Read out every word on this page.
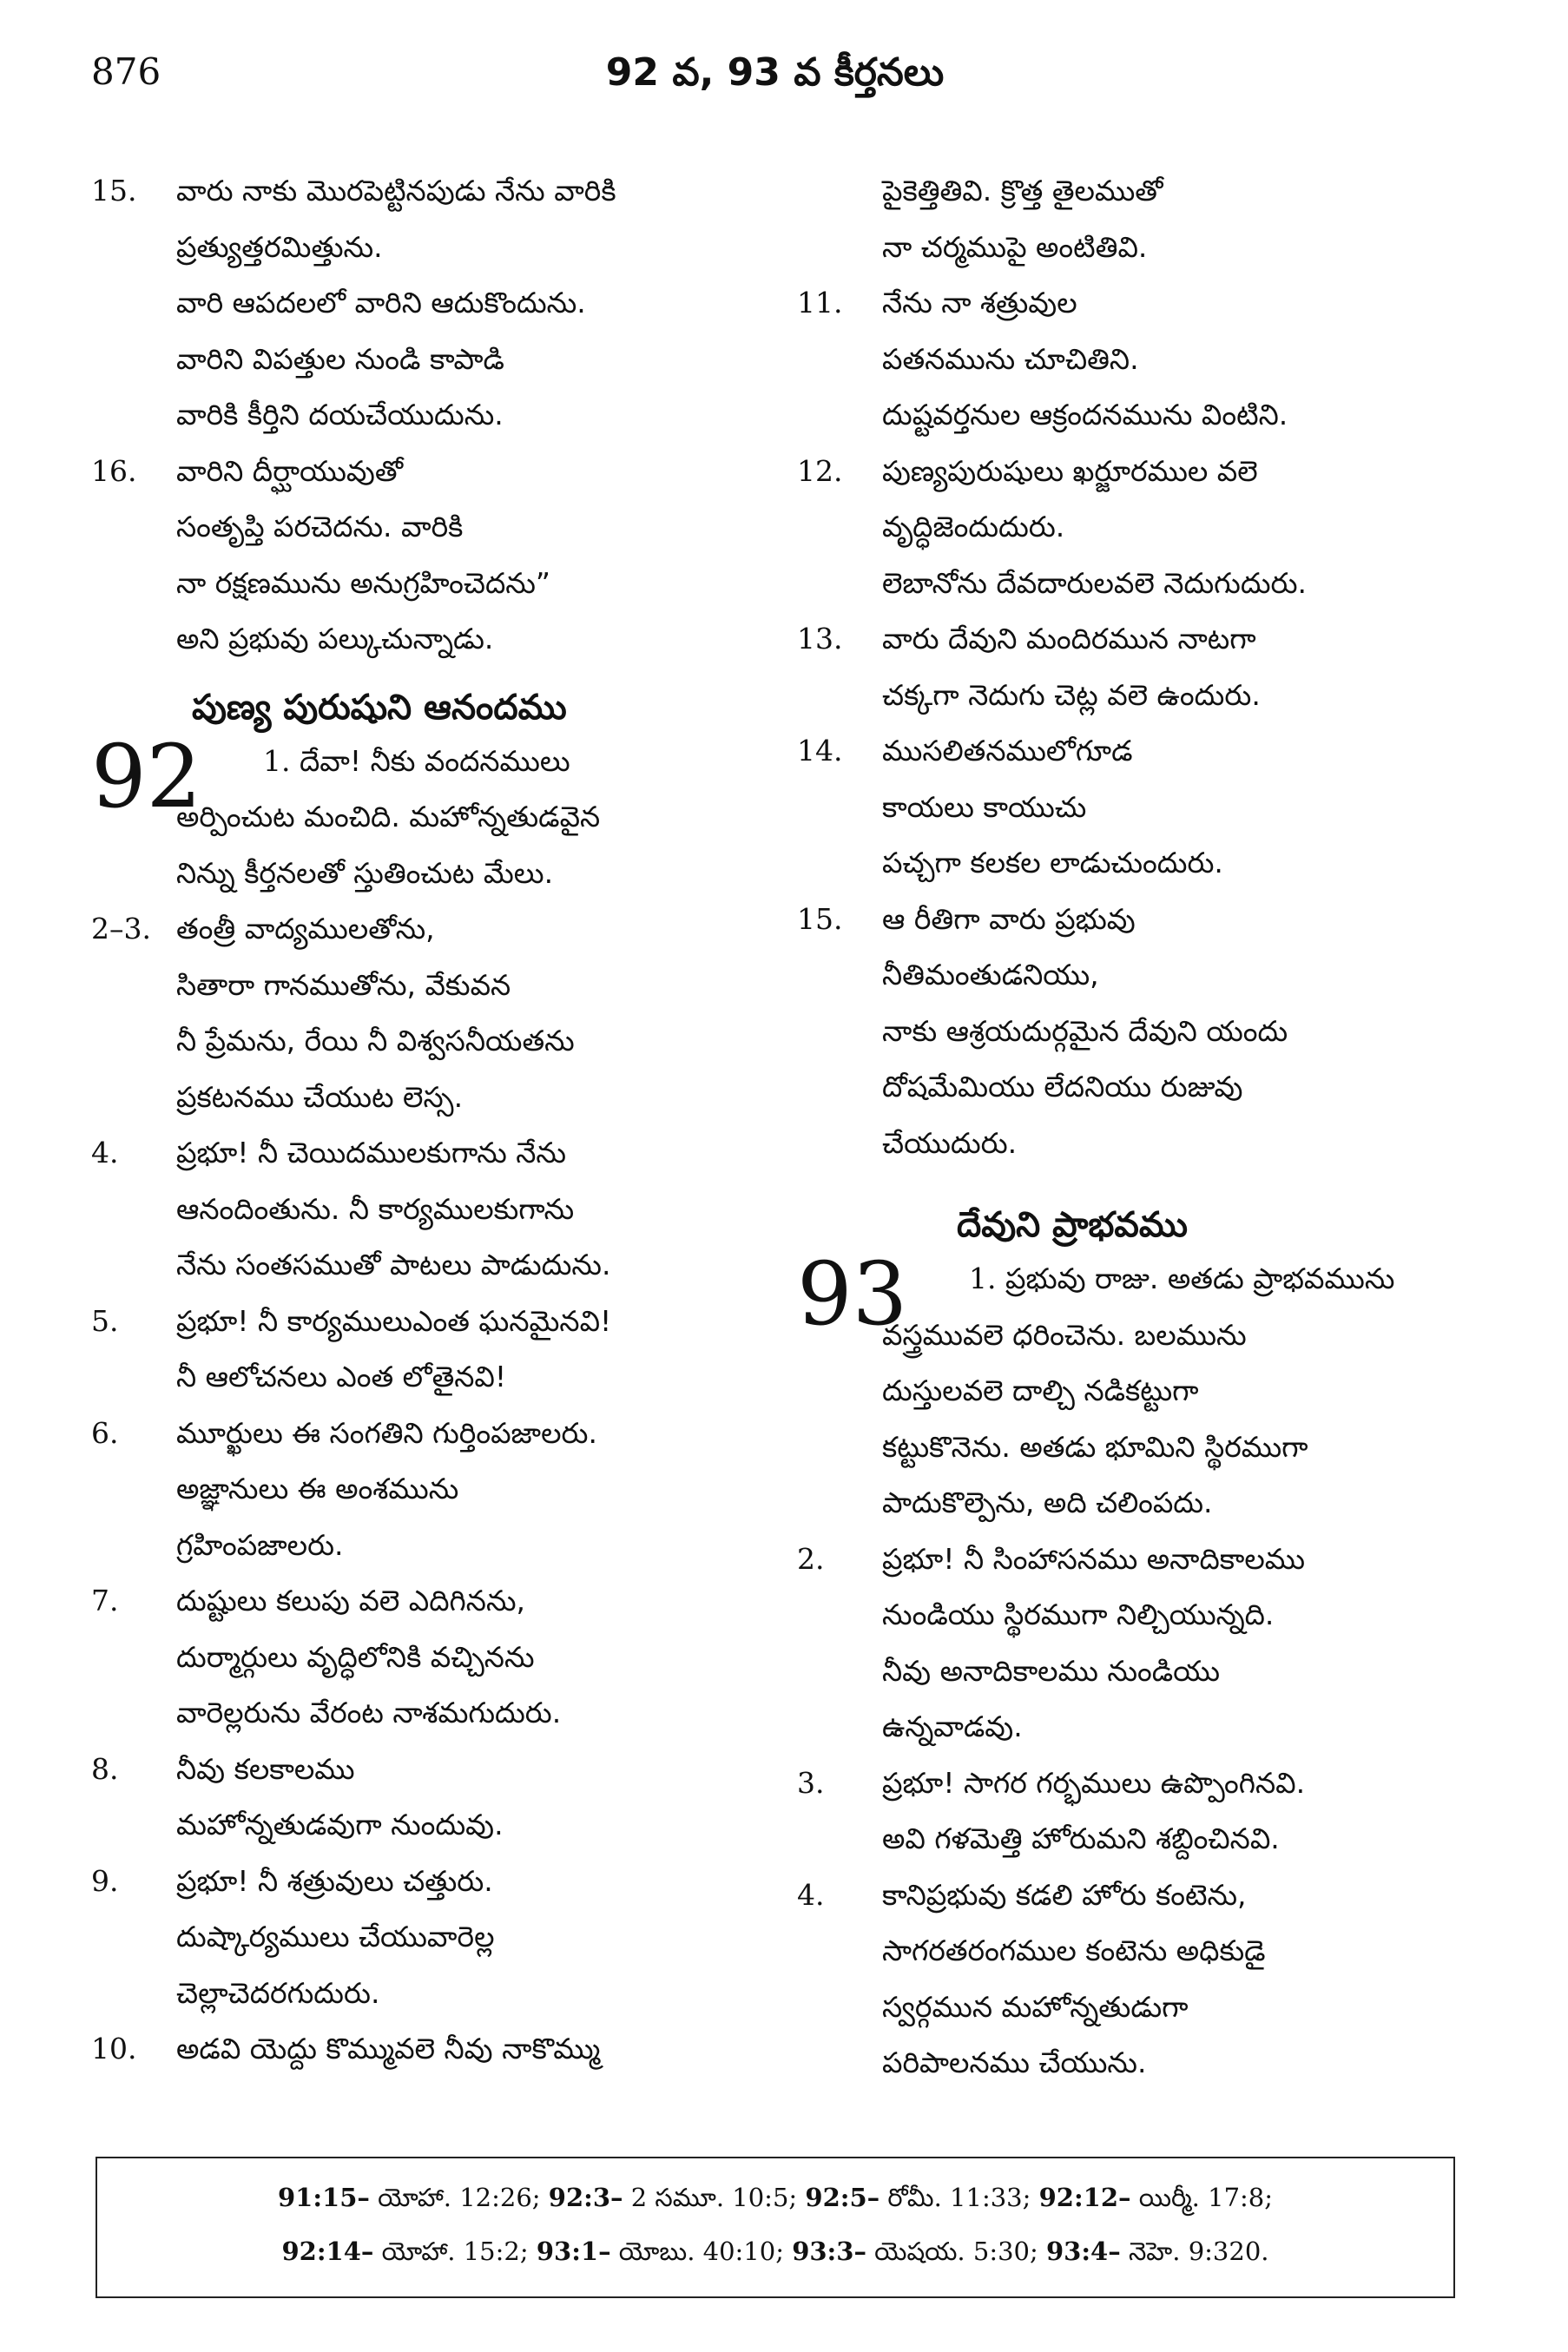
876	92 వ, 93 వ కీర్తనలు
15. వారు నాకు మొరపెట్టినపుడు నేను వారికి
ప్రత్యుత్తరమిత్తును.
వారి ఆపదలలో వారిని ఆదుకొందును.
వారిని విపత్తుల నుండి కాపాడి
వారికి కీర్తిని దయచేయుదును.
16. వారిని దీర్ఘాయువుతో
సంతృప్తి పరచెదను. వారికి
నా రక్షణమును అనుగ్రహించెదను”
అని ప్రభువు పల్కుచున్నాడు.
పుణ్య పురుషుని ఆనందము
92	1. దేవా! నీకు వందనములు
అర్పించుట మంచిది. మహోన్నతుడవైన
నిన్ను కీర్తనలతో స్తుతించుట మేలు.
2–3. తంత్రీ వాద్యములతోను,
సితారా గానముతోను, వేకువన
నీ ప్రేమను, రేయి నీ విశ్వసనీయతను
ప్రకటనము చేయుట లెస్స.
4. ప్రభూ! నీ చెయిదములకుగాను నేను
ఆనందింతును. నీ కార్యములకుగాను
నేను సంతసముతో పాటలు పాడుదును.
5. ప్రభూ! నీ కార్యములుఎంత ఘనమైనవి!
నీ ఆలోచనలు ఎంత లోతైనవి!
6. మూర్ఖులు ఈ సంగతిని గుర్తింపజాలరు.
అజ్ఞానులు ఈ అంశమును
గ్రహింపజాలరు.
7. దుష్టులు కలుపు వలె ఎదిగినను,
దుర్మార్గులు వృద్ధిలోనికి వచ్చినను
వారెల్లరును వేరంట నాశమగుదురు.
8. నీవు కలకాలము
మహోన్నతుడవుగా నుందువు.
9. ప్రభూ! నీ శత్రువులు చత్తురు.
దుష్కార్యములు చేయువారెల్ల
చెల్లాచెదరగుదురు.
10. అడవి యెద్దు కొమ్మువలె నీవు నాకొమ్ము
పైకెత్తితివి. క్రొత్త తైలముతో
నా చర్మముపై అంటితివి.
11. నేను నా శత్రువుల
పతనమును చూచితిని.
దుష్టవర్తనుల ఆక్రందనమును వింటిని.
12. పుణ్యపురుషులు ఖర్జూరముల వలె
వృద్ధిజెందుదురు.
లెబానోను దేవదారులవలె నెదుగుదురు.
13. వారు దేవుని మందిరమున నాటగా
చక్కగా నెదుగు చెట్ల వలె ఉందురు.
14. ముసలితనములోగూడ
కాయలు కాయుచు
పచ్చగా కలకల లాడుచుందురు.
15. ఆ రీతిగా వారు ప్రభువు
నీతిమంతుడనియు,
నాకు ఆశ్రయదుర్గమైన దేవుని యందు
దోషమేమియు లేదనియు రుజువు
చేయుదురు.
దేవుని ప్రాభవము
93	1. ప్రభువు రాజు. అతడు ప్రాభవమును
వస్త్రమువలె ధరించెను. బలమును
దుస్తులవలె దాల్చి నడికట్టుగా
కట్టుకొనెను. అతడు భూమిని స్థిరముగా
పాదుకొల్పెను, అది చలింపదు.
2. ప్రభూ! నీ సింహాసనము అనాదికాలము
నుండియు స్థిరముగా నిల్చియున్నది.
నీవు అనాదికాలము నుండియు
ఉన్నవాడవు.
3. ప్రభూ! సాగర గర్భములు ఉప్పొంగినవి.
అవి గళమెత్తి హోరుమని శబ్దించినవి.
4. కానిప్రభువు కడలి హోరు కంటెను,
సాగరతరంగముల కంటెను అధికుడై
స్వర్గమున మహోన్నతుడుగా
పరిపాలనము చేయును.
91:15– యోహా. 12:26; 92:3– 2 సమూ. 10:5; 92:5– రోమీ. 11:33; 92:12– యిర్మీ. 17:8;
92:14– యోహా. 15:2; 93:1– యోబు. 40:10; 93:3– యెషయ. 5:30; 93:4– నెహె. 9:320.
